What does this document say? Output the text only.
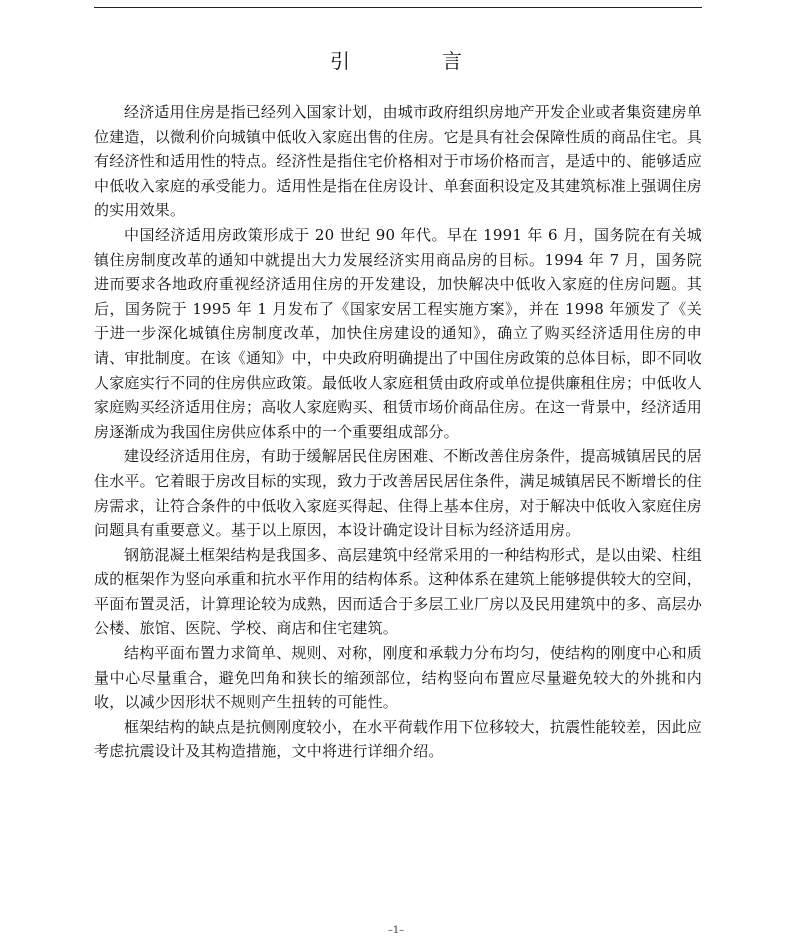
引　言

经济适用住房是指已经列入国家计划，由城市政府组织房地产开发企业或者集资建房单位建造，以微利价向城镇中低收入家庭出售的住房。它是具有社会保障性质的商品住宅。具有经济性和适用性的特点。经济性是指住宅价格相对于市场价格而言，是适中的、能够适应中低收入家庭的承受能力。适用性是指在住房设计、单套面积设定及其建筑标准上强调住房的实用效果。

中国经济适用房政策形成于 20 世纪 90 年代。早在 1991 年 6 月，国务院在有关城镇住房制度改革的通知中就提出大力发展经济实用商品房的目标。1994 年 7 月，国务院进而要求各地政府重视经济适用住房的开发建设，加快解决中低收入家庭的住房问题。其后，国务院于 1995 年 1 月发布了《国家安居工程实施方案》，并在 1998 年颁发了《关于进一步深化城镇住房制度改革，加快住房建设的通知》，确立了购买经济适用住房的申请、审批制度。在该《通知》中，中央政府明确提出了中国住房政策的总体目标，即不同收人家庭实行不同的住房供应政策。最低收人家庭租赁由政府或单位提供廉租住房；中低收人家庭购买经济适用住房；高收人家庭购买、租赁市场价商品住房。在这一背景中，经济适用房逐渐成为我国住房供应体系中的一个重要组成部分。

建设经济适用住房，有助于缓解居民住房困难、不断改善住房条件，提高城镇居民的居住水平。它着眼于房改目标的实现，致力于改善居民居住条件，满足城镇居民不断增长的住房需求，让符合条件的中低收入家庭买得起、住得上基本住房，对于解决中低收入家庭住房问题具有重要意义。基于以上原因，本设计确定设计目标为经济适用房。

钢筋混凝土框架结构是我国多、高层建筑中经常采用的一种结构形式，是以由梁、柱组成的框架作为竖向承重和抗水平作用的结构体系。这种体系在建筑上能够提供较大的空间，平面布置灵活，计算理论较为成熟，因而适合于多层工业厂房以及民用建筑中的多、高层办公楼、旅馆、医院、学校、商店和住宅建筑。

结构平面布置力求简单、规则、对称，刚度和承载力分布均匀，使结构的刚度中心和质量中心尽量重合，避免凹角和狭长的缩颈部位，结构竖向布置应尽量避免较大的外挑和内收，以减少因形状不规则产生扭转的可能性。

框架结构的缺点是抗侧刚度较小，在水平荷载作用下位移较大，抗震性能较差，因此应考虑抗震设计及其构造措施，文中将进行详细介绍。

–1–
